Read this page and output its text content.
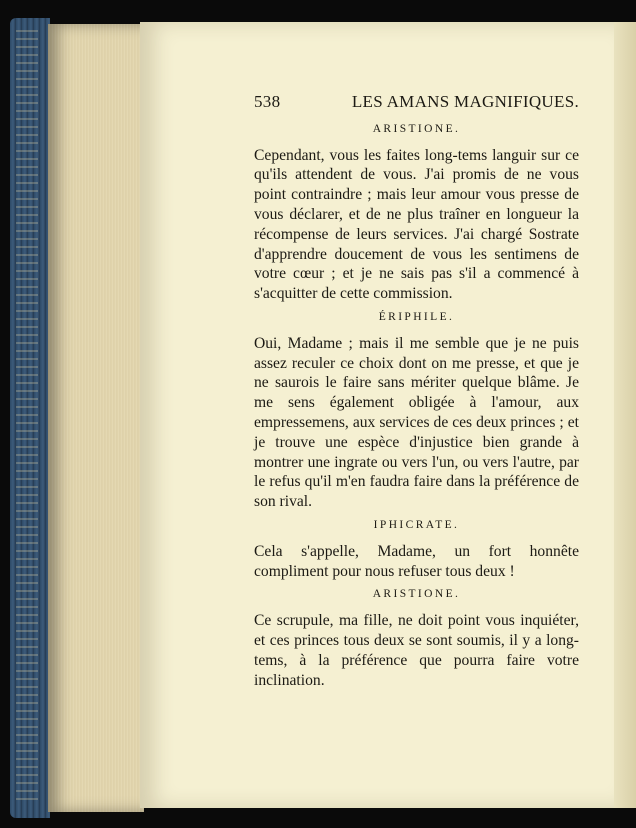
538	LES AMANS MAGNIFIQUES.
ARISTIONE.

Cependant, vous les faites long-tems languir sur ce qu'ils attendent de vous. J'ai promis de ne vous point contraindre ; mais leur amour vous presse de vous déclarer, et de ne plus traîner en longueur la récompense de leurs services. J'ai chargé Sostrate d'apprendre doucement de vous les sentimens de votre cœur ; et je ne sais pas s'il a commencé à s'acquitter de cette commission.

ÉRIPHILE.

Oui, Madame ; mais il me semble que je ne puis assez reculer ce choix dont on me presse, et que je ne saurois le faire sans mériter quelque blâme. Je me sens également obligée à l'amour, aux empressemens, aux services de ces deux princes ; et je trouve une espèce d'injustice bien grande à montrer une ingrate ou vers l'un, ou vers l'autre, par le refus qu'il m'en faudra faire dans la préférence de son rival.

IPHICRATE.

Cela s'appelle, Madame, un fort honnête compliment pour nous refuser tous deux !

ARISTIONE.

Ce scrupule, ma fille, ne doit point vous inquiéter, et ces princes tous deux se sont soumis, il y a long-tems, à la préférence que pourra faire votre inclination.
